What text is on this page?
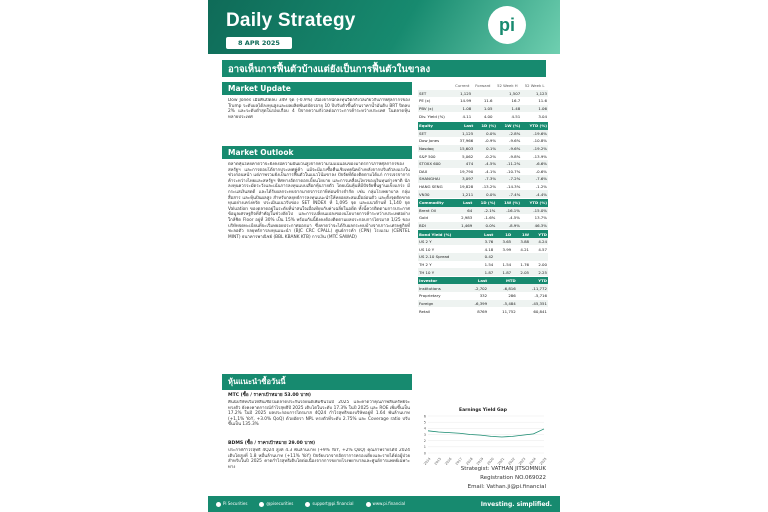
Daily Strategy
8 APR 2025
pi
อาจเห็นการฟื้นตัวบ้างแต่ยังเป็นการฟื้นตัวในขาลง
Market Update
Dow Jones เมื่อคืนปิดลบ 349 จุด (-0.9%) เนื่องจากนักลงทุนวิตกกังวลเกี่ยวกับภาษีศุลกากรของ Trump ระดับผลได้ลงทุนสูงและผลผลิตพันธบัตรอายุ 10 ปีปรับตัวขึ้นด้านราคาน้ำมันดิบ BRT ปิดลบ 2% และระดับต่ำสุดในรอบเกือบ 4 ปีจากความกังวลต่อภาวะการค้าระหว่างประเทศ ในตลาดหุ้นหลายประเทศ
Market Outlook
ตลาดหุ้นไทยคาดว่าจะยังคงมีความผันผวนสูงจากความไม่แน่นอนของมาตรการภาษีศุลกากรของสหรัฐฯ และการตอบโต้จากประเทศคู่ค้า แม้จะมีแรงซื้อคืนเชิงเทคนิคบ้างหลังจากปรับตัวลงแรงในช่วงก่อนหน้า แต่ภาพรวมยังเป็นการฟื้นตัวในแนวโน้มขาลง ปัจจัยที่ต้องติดตามได้แก่ การเจรจาการค้าระหว่างไทยและสหรัฐฯ ทิศทางอัตราดอกเบี้ยนโยบาย และการเคลื่อนไหวของเงินทุนต่างชาติ นักลงทุนควรระมัดระวังและเน้นการลงทุนแบบเลือกหุ้นรายตัว โดยเน้นหุ้นที่มีปัจจัยพื้นฐานแข็งแกร่ง มีกระแสเงินสดดี และได้รับผลกระทบจากมาตรการภาษีค่อนข้างจำกัด เช่น กลุ่มโรงพยาบาล กลุ่มสื่อสาร และหุ้นปันผลสูง สำหรับกลยุทธ์การลงทุนแนะนำให้ทยอยสะสมเมื่ออ่อนตัว และตั้งจุดตัดขาดทุนอย่างเคร่งครัด ประเมินแนวรับของ SET INDEX ที่ 1,095 จุด และแนวต้านที่ 1,140 จุด Valuation ของตลาดอยู่ในระดับที่น่าสนใจเมื่อเทียบกับค่าเฉลี่ยในอดีต ทั้งนี้ควรติดตามการประกาศข้อมูลเศรษฐกิจที่สำคัญในช่วงถัดไป และการเปลี่ยนแปลงของนโยบายการค้าระหว่างประเทศอย่างใกล้ชิด Floor อยู่ที่ 30% เป็น 15% พร้อมกันนี้ยังคงต้องติดตามผลประกอบการไตรมาส 1/25 ของบริษัทจดทะเบียนที่จะเริ่มทยอยประกาศออกมา ซึ่งคาดว่าจะได้รับผลกระทบบ้างจากภาวะเศรษฐกิจที่ชะลอตัว กลยุทธ์การลงทุนแนะนำ (BJC CRC CPALL) ศูนย์การค้า (CPN) โรงแรม (CENTEL MINT) ธนาคารพาณิชย์ (BBL KBANK KTB) การเงิน (MTC SAWAD)
หุ้นแนะนำซื้อวันนี้
MTC (ซื้อ / ราคาเป้าหมาย 53.00 บาท)
คืนนี้บริษัทเริ่มให้สินเชื่อในตลาดประกันรถยนต์เพิ่มขึ้นในปี 2025 และคาดว่าคุณภาพสินทรัพย์จะทรงตัว ยังคงคาดการณ์กำไรสุทธิปี 2025 เติบโตในระดับ 17.3% ในปี 2025 และ ROE เพิ่มขึ้นเป็น 17.2% ในปี 2025 ผลประกอบการไตรมาส 4Q24 กำไรสุทธิของบริษัทอยู่ที่ 1.64 พันล้านบาท (+1.1% YoY, +3.0% QoQ) ด้วยอัตรา NPL ทรงตัวที่ระดับ 2.75% และ Coverage ratio ปรับขึ้นเป็น 135.3%
BDMS (ซื้อ / ราคาเป้าหมาย 29.00 บาท)
ประกาศกำไรสุทธิ 4Q24 สูงที่ 4.3 พันล้านบาท (+9% YoY, +2% QoQ) คุณภาพรายได้ปี 2024 เติบโตสูงที่ 1.8 หมื่นล้านบาท (+11% YoY) ปัจจัยบวกจากอัตราการครองเตียงและรายได้ต่อผู้ป่วย สำหรับในปี 2025 คาดกำไรสุทธิเติบโตต่อเนื่องจากการขยายโรงพยาบาลและศูนย์การแพทย์เฉพาะทาง
	Current	Forward	52 Week H	52 Week L
SET	1,125		1,507	1,123
PE (x)	14.99	11.6	16.7	11.6
PBV (x)	1.08	1.05	1.48	1.06
Div. Yield (%)	4.11	4.00	4.51	3.04
Equity	Last	1D (%)	1W (%)	YTD (%)
SET	1,125	0.0%	-2.8%	-19.6%
Dow Jones	37,966	-0.9%	-9.6%	-10.8%
Nasdaq	15,603	0.1%	-9.6%	-19.2%
S&P 500	5,062	-0.2%	-9.8%	-13.9%
STOXX 600	474	-4.5%	-11.2%	-6.6%
DAX	19,790	-4.1%	-10.7%	-0.6%
SHANGHAI	3,097	-7.3%	-7.2%	-7.6%
HANG SENG	19,828	-13.2%	-14.3%	-1.2%
VN30	1,211	0.0%	-7.4%	-4.4%
Commodity	Last	1D (%)	1W (%)	YTD (%)
Brent Oil	64	-2.1%	-16.1%	-15.0%
Gold	2,983	-1.6%	-4.5%	13.7%
BDI	1,469	0.0%	-8.9%	46.3%
Bond Yield (%)	Last	1D	1W	YTD
US 2 Y	3.76	3.65	3.88	4.24
US 10 Y	4.18	3.99	4.21	4.57
US 2-10 Spread	0.42			
TH 2 Y	1.54	1.54	1.76	2.00
TH 10 Y	1.87	1.87	2.05	2.25
Investor	Last	MTD	YTD
Institutions	-2,702	-6,816	-11,772
Proprietary	332	286	-5,716
Foreign	-6,399	-5,484	-45,351
Retail	8769	11,752	60,841
Earnings Yield Gap
6
5
4
3
2
1
0
2014 2015 2016 2017 2018 2019 2020 2021 2022 2023 2024 2025
Strategist: VATHAN JITSOMNUK
Registration NO.069022
Email: Vathan.ji@pi.financial
Pi Securities	@pisecurities	support@pi.financial	www.pi.financial	Investing. simplified.
